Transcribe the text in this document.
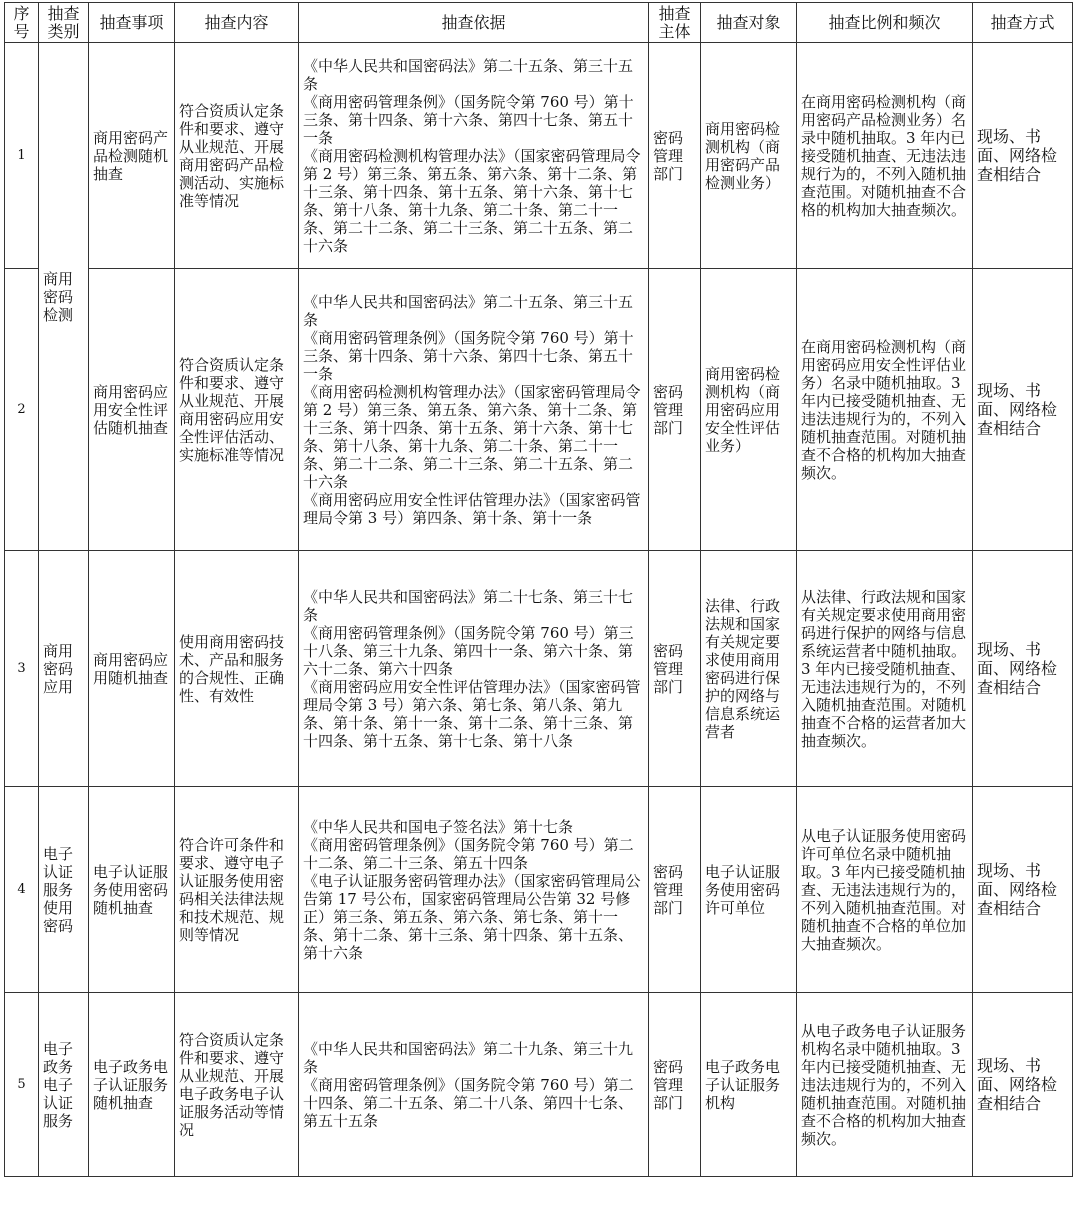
序号	抽查类别	抽查事项	抽查内容	抽查依据	抽查主体	抽查对象	抽查比例和频次	抽查方式
1	商用密码检测	商用密码产品检测随机抽查	符合资质认定条件和要求、遵守从业规范、开展商用密码产品检测活动、实施标准等情况	《中华人民共和国密码法》第二十五条、第三十五条
《商用密码管理条例》（国务院令第 760 号）第十三条、第十四条、第十六条、第四十七条、第五十一条
《商用密码检测机构管理办法》（国家密码管理局令第 2 号）第三条、第五条、第六条、第十二条、第十三条、第十四条、第十五条、第十六条、第十七条、第十八条、第十九条、第二十条、第二十一条、第二十二条、第二十三条、第二十五条、第二十六条	密码管理部门	商用密码检测机构（商用密码产品检测业务）	在商用密码检测机构（商用密码产品检测业务）名录中随机抽取。3 年内已接受随机抽查、无违法违规行为的，不列入随机抽查范围。对随机抽查不合格的机构加大抽查频次。	现场、书面、网络检查相结合
2		商用密码应用安全性评估随机抽查	符合资质认定条件和要求、遵守从业规范、开展商用密码应用安全性评估活动、实施标准等情况	《中华人民共和国密码法》第二十五条、第三十五条
《商用密码管理条例》（国务院令第 760 号）第十三条、第十四条、第十六条、第四十七条、第五十一条
《商用密码检测机构管理办法》（国家密码管理局令第 2 号）第三条、第五条、第六条、第十二条、第十三条、第十四条、第十五条、第十六条、第十七条、第十八条、第十九条、第二十条、第二十一条、第二十二条、第二十三条、第二十五条、第二十六条
《商用密码应用安全性评估管理办法》（国家密码管理局令第 3 号）第四条、第十条、第十一条	密码管理部门	商用密码检测机构（商用密码应用安全性评估业务）	在商用密码检测机构（商用密码应用安全性评估业务）名录中随机抽取。3 年内已接受随机抽查、无违法违规行为的，不列入随机抽查范围。对随机抽查不合格的机构加大抽查频次。	现场、书面、网络检查相结合
3	商用密码应用	商用密码应用随机抽查	使用商用密码技术、产品和服务的合规性、正确性、有效性	《中华人民共和国密码法》第二十七条、第三十七条
《商用密码管理条例》（国务院令第 760 号）第三十八条、第三十九条、第四十一条、第六十条、第六十二条、第六十四条
《商用密码应用安全性评估管理办法》（国家密码管理局令第 3 号）第六条、第七条、第八条、第九条、第十条、第十一条、第十二条、第十三条、第十四条、第十五条、第十七条、第十八条	密码管理部门	法律、行政法规和国家有关规定要求使用商用密码进行保护的网络与信息系统运营者	从法律、行政法规和国家有关规定要求使用商用密码进行保护的网络与信息系统运营者中随机抽取。3 年内已接受随机抽查、无违法违规行为的，不列入随机抽查范围。对随机抽查不合格的运营者加大抽查频次。	现场、书面、网络检查相结合
4	电子认证服务使用密码	电子认证服务使用密码随机抽查	符合许可条件和要求、遵守电子认证服务使用密码相关法律法规和技术规范、规则等情况	《中华人民共和国电子签名法》第十七条
《商用密码管理条例》（国务院令第 760 号）第二十二条、第二十三条、第五十四条
《电子认证服务密码管理办法》（国家密码管理局公告第 17 号公布，国家密码管理局公告第 32 号修正）第三条、第五条、第六条、第七条、第十一条、第十二条、第十三条、第十四条、第十五条、第十六条	密码管理部门	电子认证服务使用密码许可单位	从电子认证服务使用密码许可单位名录中随机抽取。3 年内已接受随机抽查、无违法违规行为的，不列入随机抽查范围。对随机抽查不合格的单位加大抽查频次。	现场、书面、网络检查相结合
5	电子政务电子认证服务	电子政务电子认证服务随机抽查	符合资质认定条件和要求、遵守从业规范、开展电子政务电子认证服务活动等情况	《中华人民共和国密码法》第二十九条、第三十九条
《商用密码管理条例》（国务院令第 760 号）第二十四条、第二十五条、第二十八条、第四十七条、第五十五条	密码管理部门	电子政务电子认证服务机构	从电子政务电子认证服务机构名录中随机抽取。3 年内已接受随机抽查、无违法违规行为的，不列入随机抽查范围。对随机抽查不合格的机构加大抽查频次。	现场、书面、网络检查相结合
